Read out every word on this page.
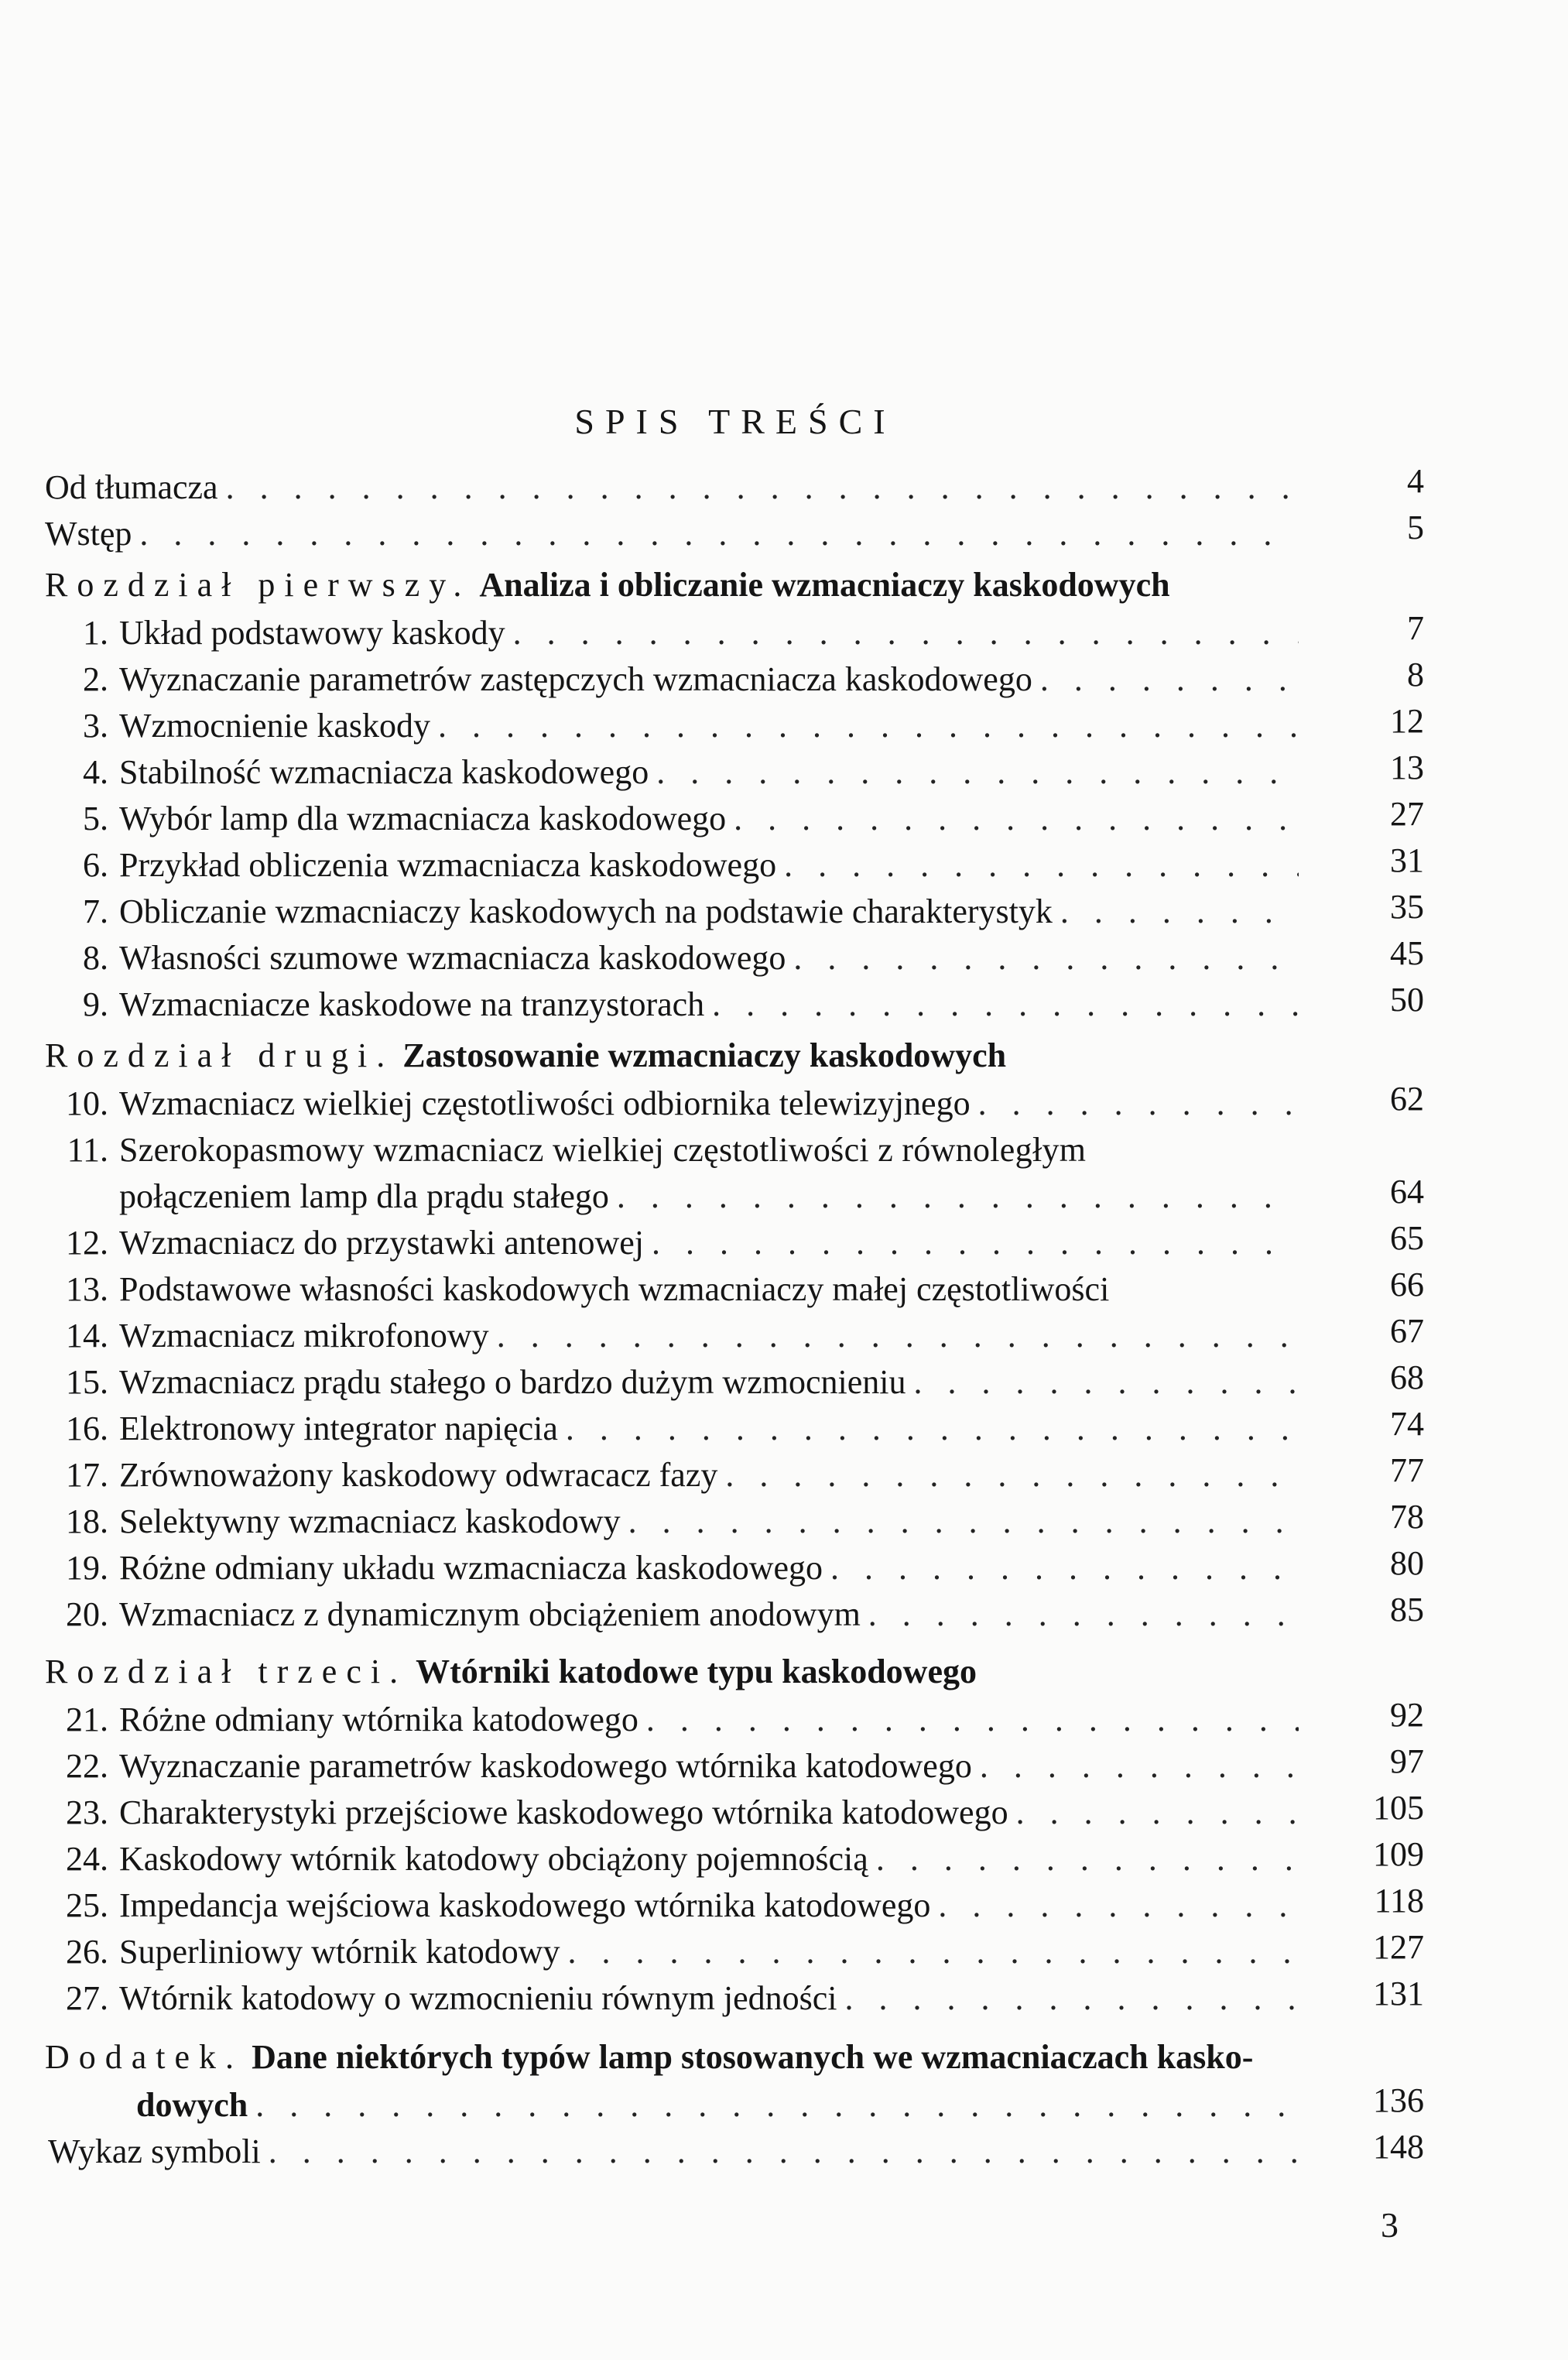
SPIS TREŚCI
Od tłumacza . . .	4
Wstęp . . .	5
Rozdział pierwszy. Analiza i obliczanie wzmacniaczy kaskodowych
1. Układ podstawowy kaskody . . .	7
2. Wyznaczanie parametrów zastępczych wzmacniacza kaskodowego . . .	8
3. Wzmocnienie kaskody . . .	12
4. Stabilność wzmacniacza kaskodowego . . .	13
5. Wybór lamp dla wzmacniacza kaskodowego . . .	27
6. Przykład obliczenia wzmacniacza kaskodowego . . .	31
7. Obliczanie wzmacniaczy kaskodowych na podstawie charakterystyk . . .	35
8. Własności szumowe wzmacniacza kaskodowego . . .	45
9. Wzmacniacze kaskodowe na tranzystorach . . .	50
Rozdział drugi. Zastosowanie wzmacniaczy kaskodowych
10. Wzmacniacz wielkiej częstotliwości odbiornika telewizyjnego . . .	62
11. Szerokopasmowy wzmacniacz wielkiej częstotliwości z równoległym
połączeniem lamp dla prądu stałego . . .	64
12. Wzmacniacz do przystawki antenowej . . .	65
13. Podstawowe własności kaskodowych wzmacniaczy małej częstotliwości	66
14. Wzmacniacz mikrofonowy . . .	67
15. Wzmacniacz prądu stałego o bardzo dużym wzmocnieniu . . .	68
16. Elektronowy integrator napięcia . . .	74
17. Zrównoważony kaskodowy odwracacz fazy . . .	77
18. Selektywny wzmacniacz kaskodowy . . .	78
19. Różne odmiany układu wzmacniacza kaskodowego . . .	80
20. Wzmacniacz z dynamicznym obciążeniem anodowym . . .	85
Rozdział trzeci. Wtórniki katodowe typu kaskodowego
21. Różne odmiany wtórnika katodowego . . .	92
22. Wyznaczanie parametrów kaskodowego wtórnika katodowego . . .	97
23. Charakterystyki przejściowe kaskodowego wtórnika katodowego . . .	105
24. Kaskodowy wtórnik katodowy obciążony pojemnością . . .	109
25. Impedancja wejściowa kaskodowego wtórnika katodowego . . .	118
26. Superliniowy wtórnik katodowy . . .	127
27. Wtórnik katodowy o wzmocnieniu równym jedności . . .	131
Dodatek. Dane niektórych typów lamp stosowanych we wzmacniaczach kasko-
dowych . . .	136
Wykaz symboli . . .	148
3
